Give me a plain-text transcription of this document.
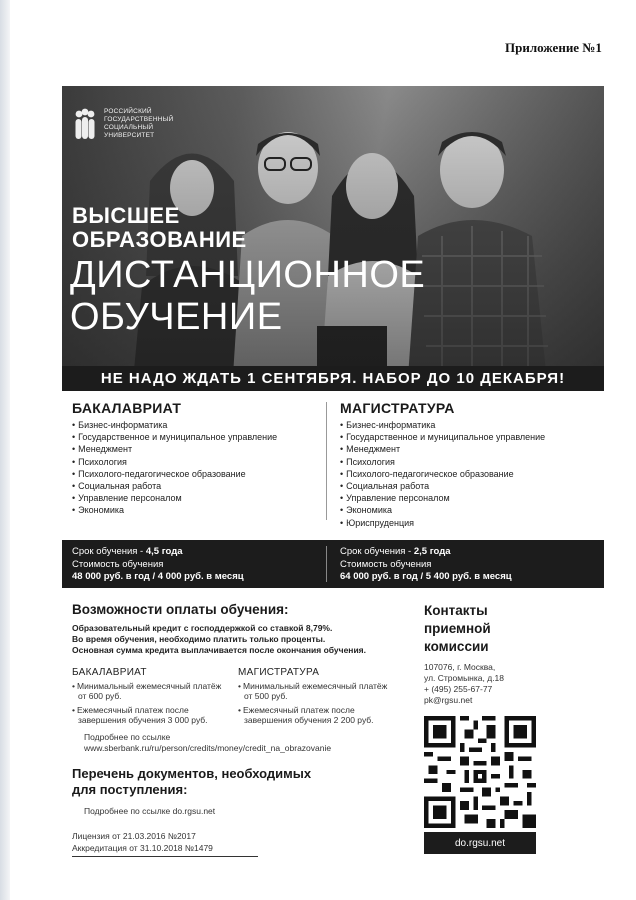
Приложение №1
РОССИЙСКИЙ
ГОСУДАРСТВЕННЫЙ
СОЦИАЛЬНЫЙ
УНИВЕРСИТЕТ
ВЫСШЕЕ
ОБРАЗОВАНИЕ
ДИСТАНЦИОННОЕ
ОБУЧЕНИЕ
НЕ НАДО ЖДАТЬ 1 СЕНТЯБРЯ. НАБОР ДО 10 ДЕКАБРЯ!
БАКАЛАВРИАТ
• Бизнес-информатика
• Государственное и муниципальное управление
• Менеджмент
• Психология
• Психолого-педагогическое образование
• Социальная работа
• Управление персоналом
• Экономика
МАГИСТРАТУРА
• Бизнес-информатика
• Государственное и муниципальное управление
• Менеджмент
• Психология
• Психолого-педагогическое образование
• Социальная работа
• Управление персоналом
• Экономика
• Юриспруденция
Срок обучения - 4,5 года
Стоимость обучения
48 000 руб. в год / 4 000 руб. в месяц
Срок обучения - 2,5 года
Стоимость обучения
64 000 руб. в год / 5 400 руб. в месяц
Возможности оплаты обучения:
Образовательный кредит с господдержкой со ставкой 8,79%.
Во время обучения, необходимо платить только проценты.
Основная сумма кредита выплачивается после окончания обучения.
БАКАЛАВРИАТ
• Минимальный ежемесячный платёж от 600 руб.
• Ежемесячный платеж после завершения обучения 3 000 руб.
МАГИСТРАТУРА
• Минимальный ежемесячный платёж от 500 руб.
• Ежемесячный платеж после завершения обучения 2 200 руб.
Подробнее по ссылке
www.sberbank.ru/ru/person/credits/money/credit_na_obrazovanie
Перечень документов, необходимых
для поступления:
Подробнее по ссылке do.rgsu.net
Лицензия от 21.03.2016 №2017
Аккредитация от 31.10.2018 №1479
Контакты
приемной
комиссии
107076, г. Москва,
ул. Стромынка, д.18
+ (495) 255-67-77
pk@rgsu.net
do.rgsu.net
